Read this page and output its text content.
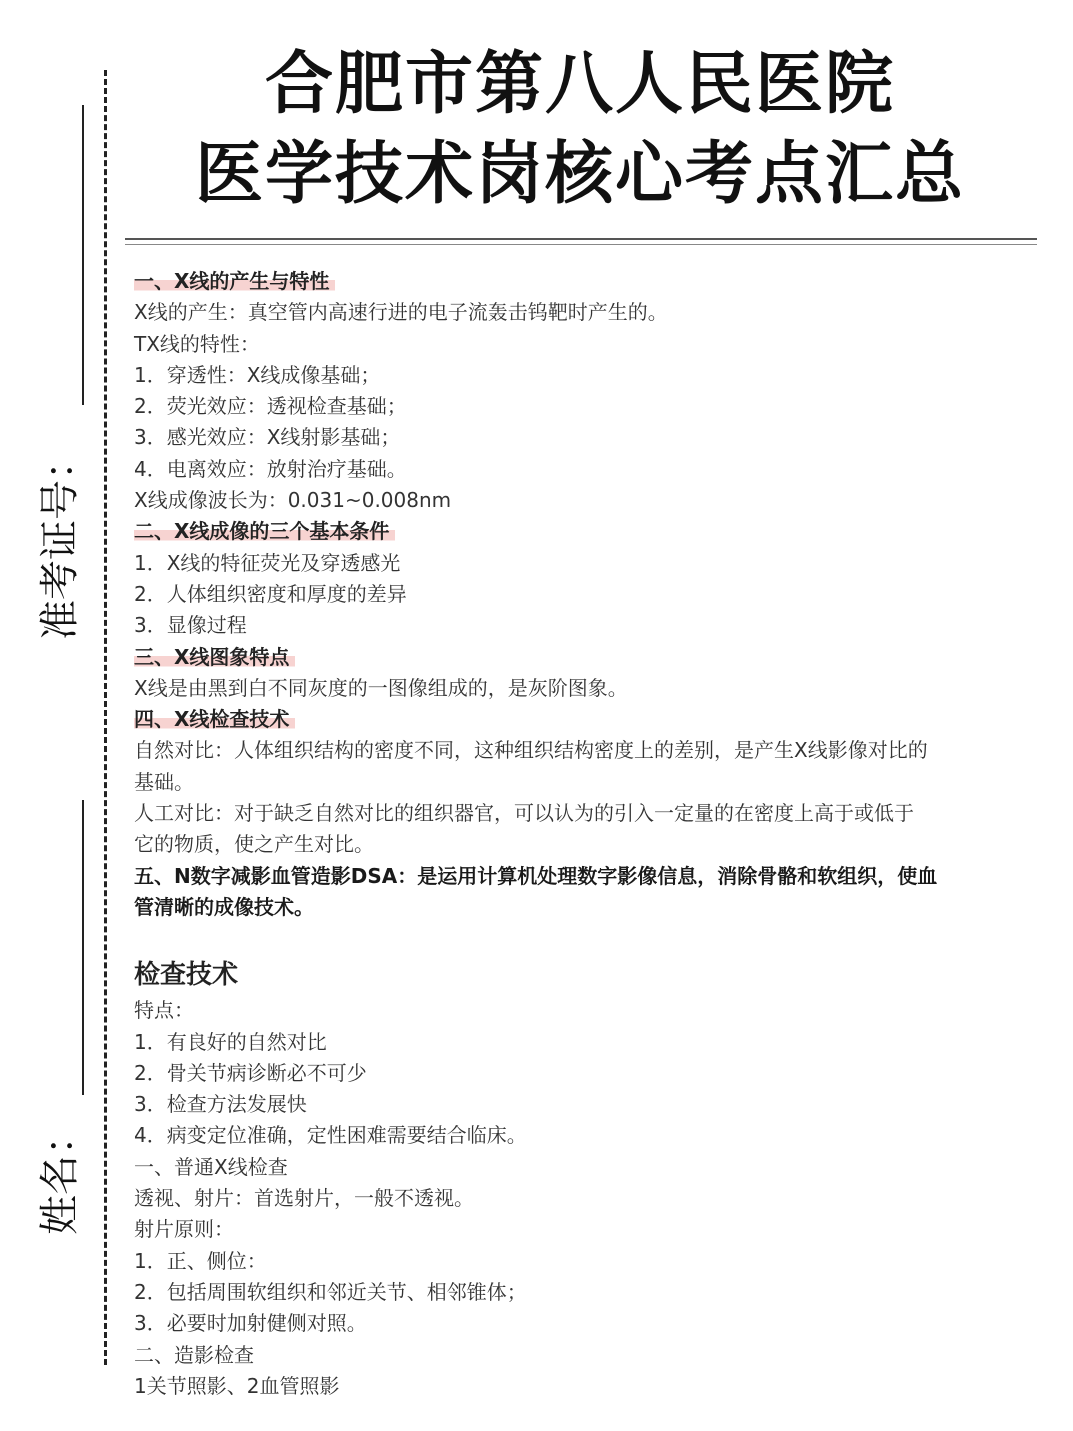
合肥市第八人民医院
医学技术岗核心考点汇总
准考证号：
姓名：
一、X线的产生与特性
X线的产生：真空管内高速行进的电子流轰击钨靶时产生的。
TX线的特性：
1．穿透性：X线成像基础；
2．荧光效应：透视检查基础；
3．感光效应：X线射影基础；
4．电离效应：放射治疗基础。
X线成像波长为：0.031~0.008nm
二、X线成像的三个基本条件
1．X线的特征荧光及穿透感光
2．人体组织密度和厚度的差异
3．显像过程
三、X线图象特点
X线是由黑到白不同灰度的一图像组成的，是灰阶图象。
四、X线检查技术
自然对比：人体组织结构的密度不同，这种组织结构密度上的差别，是产生X线影像对比的
基础。
人工对比：对于缺乏自然对比的组织器官，可以认为的引入一定量的在密度上高于或低于
它的物质，使之产生对比。
五、N数字减影血管造影DSA：是运用计算机处理数字影像信息，消除骨骼和软组织，使血
管清晰的成像技术。
检查技术
特点：
1．有良好的自然对比
2．骨关节病诊断必不可少
3．检查方法发展快
4．病变定位准确，定性困难需要结合临床。
一、普通X线检查
透视、射片：首选射片，一般不透视。
射片原则：
1．正、侧位：
2．包括周围软组织和邻近关节、相邻锥体；
3．必要时加射健侧对照。
二、造影检查
1关节照影、2血管照影
